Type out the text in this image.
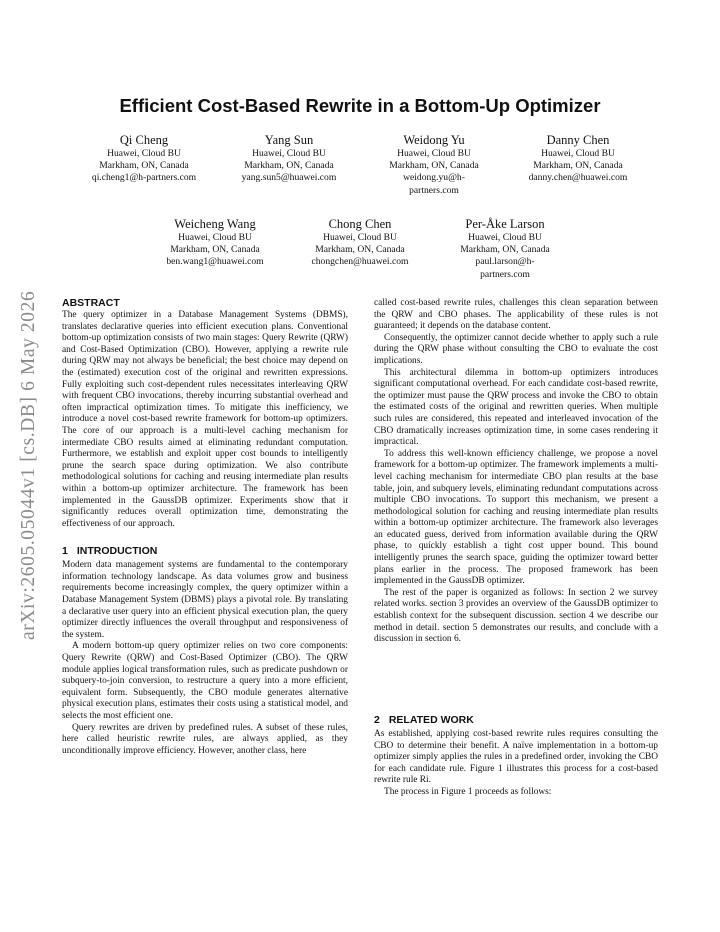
arXiv:2605.05044v1 [cs.DB] 6 May 2026
Efficient Cost-Based Rewrite in a Bottom-Up Optimizer
Qi Cheng
Huawei, Cloud BU
Markham, ON, Canada
qi.cheng1@h-partners.com
Yang Sun
Huawei, Cloud BU
Markham, ON, Canada
yang.sun5@huawei.com
Weidong Yu
Huawei, Cloud BU
Markham, ON, Canada
weidong.yu@h-
partners.com
Danny Chen
Huawei, Cloud BU
Markham, ON, Canada
danny.chen@huawei.com
Weicheng Wang
Huawei, Cloud BU
Markham, ON, Canada
ben.wang1@huawei.com
Chong Chen
Huawei, Cloud BU
Markham, ON, Canada
chongchen@huawei.com
Per-Åke Larson
Huawei, Cloud BU
Markham, ON, Canada
paul.larson@h-
partners.com
ABSTRACT

The query optimizer in a Database Management Systems (DBMS), translates declarative queries into efficient execution plans. Conventional bottom-up optimization consists of two main stages: Query Rewrite (QRW) and Cost-Based Optimization (CBO). However, applying a rewrite rule during QRW may not always be beneficial; the best choice may depend on the (estimated) execution cost of the original and rewritten expressions. Fully exploiting such cost-dependent rules necessitates interleaving QRW with frequent CBO invocations, thereby incurring substantial overhead and often impractical optimization times. To mitigate this inefficiency, we introduce a novel cost-based rewrite framework for bottom-up optimizers. The core of our approach is a multi-level caching mechanism for intermediate CBO results aimed at eliminating redundant computation. Furthermore, we establish and exploit upper cost bounds to intelligently prune the search space during optimization. We also contribute methodological solutions for caching and reusing intermediate plan results within a bottom-up optimizer architecture. The framework has been implemented in the GaussDB optimizer. Experiments show that it significantly reduces overall optimization time, demonstrating the effectiveness of our approach.

1 INTRODUCTION

Modern data management systems are fundamental to the contemporary information technology landscape. As data volumes grow and business requirements become increasingly complex, the query optimizer within a Database Management System (DBMS) plays a pivotal role. By translating a declarative user query into an efficient physical execution plan, the query optimizer directly influences the overall throughput and responsiveness of the system.

A modern bottom-up query optimizer relies on two core components: Query Rewrite (QRW) and Cost-Based Optimizer (CBO). The QRW module applies logical transformation rules, such as predicate pushdown or subquery-to-join conversion, to restructure a query into a more efficient, equivalent form. Subsequently, the CBO module generates alternative physical execution plans, estimates their costs using a statistical model, and selects the most efficient one.

Query rewrites are driven by predefined rules. A subset of these rules, here called heuristic rewrite rules, are always applied, as they unconditionally improve efficiency. However, another class, here

called cost-based rewrite rules, challenges this clean separation between the QRW and CBO phases. The applicability of these rules is not guaranteed; it depends on the database content.

Consequently, the optimizer cannot decide whether to apply such a rule during the QRW phase without consulting the CBO to evaluate the cost implications.

This architectural dilemma in bottom-up optimizers introduces significant computational overhead. For each candidate cost-based rewrite, the optimizer must pause the QRW process and invoke the CBO to obtain the estimated costs of the original and rewritten queries. When multiple such rules are considered, this repeated and interleaved invocation of the CBO dramatically increases optimization time, in some cases rendering it impractical.

To address this well-known efficiency challenge, we propose a novel framework for a bottom-up optimizer. The framework implements a multi-level caching mechanism for intermediate CBO plan results at the base table, join, and subquery levels, eliminating redundant computations across multiple CBO invocations. To support this mechanism, we present a methodological solution for caching and reusing intermediate plan results within a bottom-up optimizer architecture. The framework also leverages an educated guess, derived from information available during the QRW phase, to quickly establish a tight cost upper bound. This bound intelligently prunes the search space, guiding the optimizer toward better plans earlier in the process. The proposed framework has been implemented in the GaussDB optimizer.

The rest of the paper is organized as follows: In section 2 we survey related works. section 3 provides an overview of the GaussDB optimizer to establish context for the subsequent discussion. section 4 we describe our method in detail. section 5 demonstrates our results, and conclude with a discussion in section 6.

2 RELATED WORK

As established, applying cost-based rewrite rules requires consulting the CBO to determine their benefit. A naïve implementation in a bottom-up optimizer simply applies the rules in a predefined order, invoking the CBO for each candidate rule. Figure 1 illustrates this process for a cost-based rewrite rule Ri.

The process in Figure 1 proceeds as follows:
